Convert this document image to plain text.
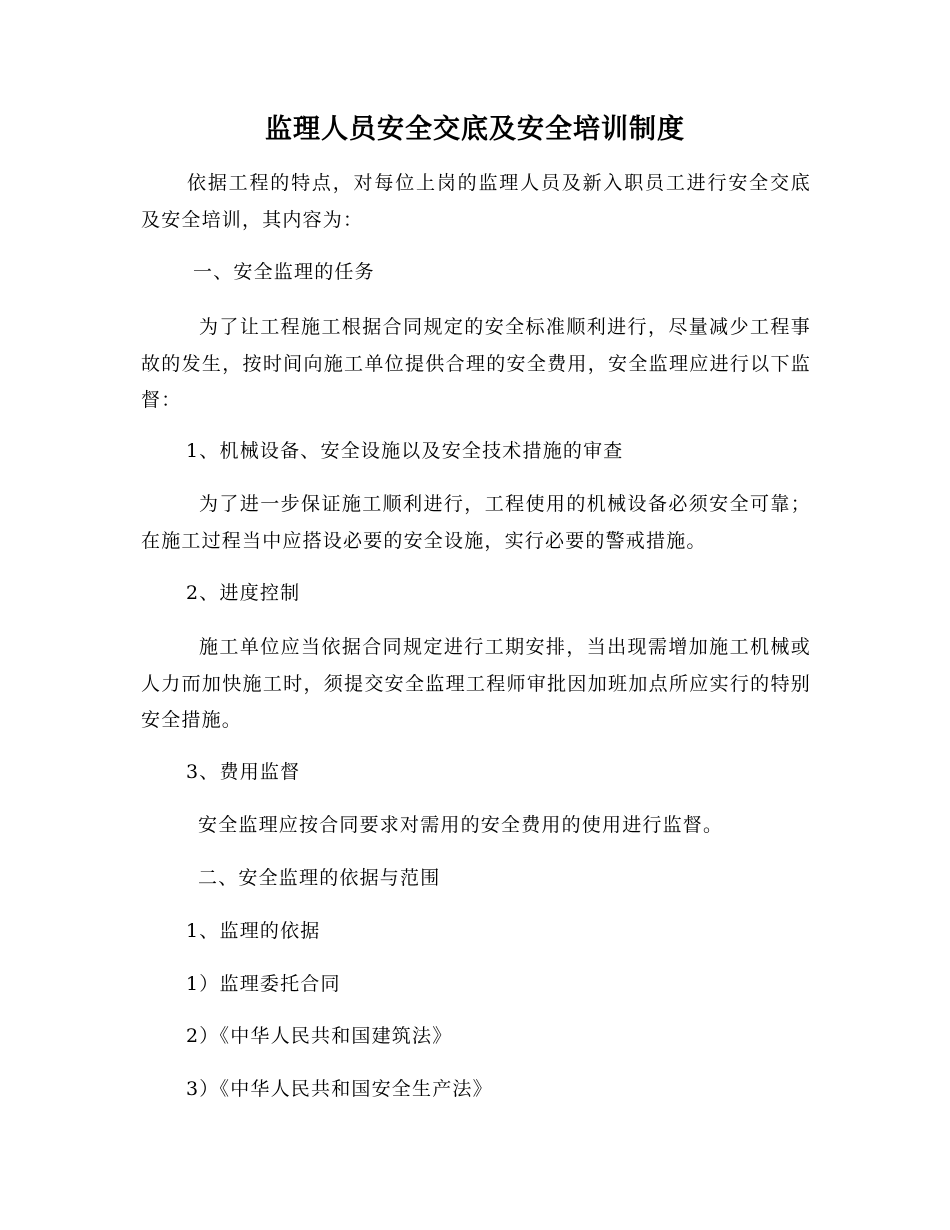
监理人员安全交底及安全培训制度

依据工程的特点，对每位上岗的监理人员及新入职员工进行安全交底及安全培训，其内容为：

一、安全监理的任务

为了让工程施工根据合同规定的安全标准顺利进行，尽量减少工程事故的发生，按时间向施工单位提供合理的安全费用，安全监理应进行以下监督：

1、机械设备、安全设施以及安全技术措施的审查

为了进一步保证施工顺利进行，工程使用的机械设备必须安全可靠；在施工过程当中应搭设必要的安全设施，实行必要的警戒措施。

2、进度控制

施工单位应当依据合同规定进行工期安排，当出现需增加施工机械或人力而加快施工时，须提交安全监理工程师审批因加班加点所应实行的特别安全措施。

3、费用监督

安全监理应按合同要求对需用的安全费用的使用进行监督。

二、安全监理的依据与范围

1、监理的依据

1）监理委托合同

2）《中华人民共和国建筑法》

3）《中华人民共和国安全生产法》
